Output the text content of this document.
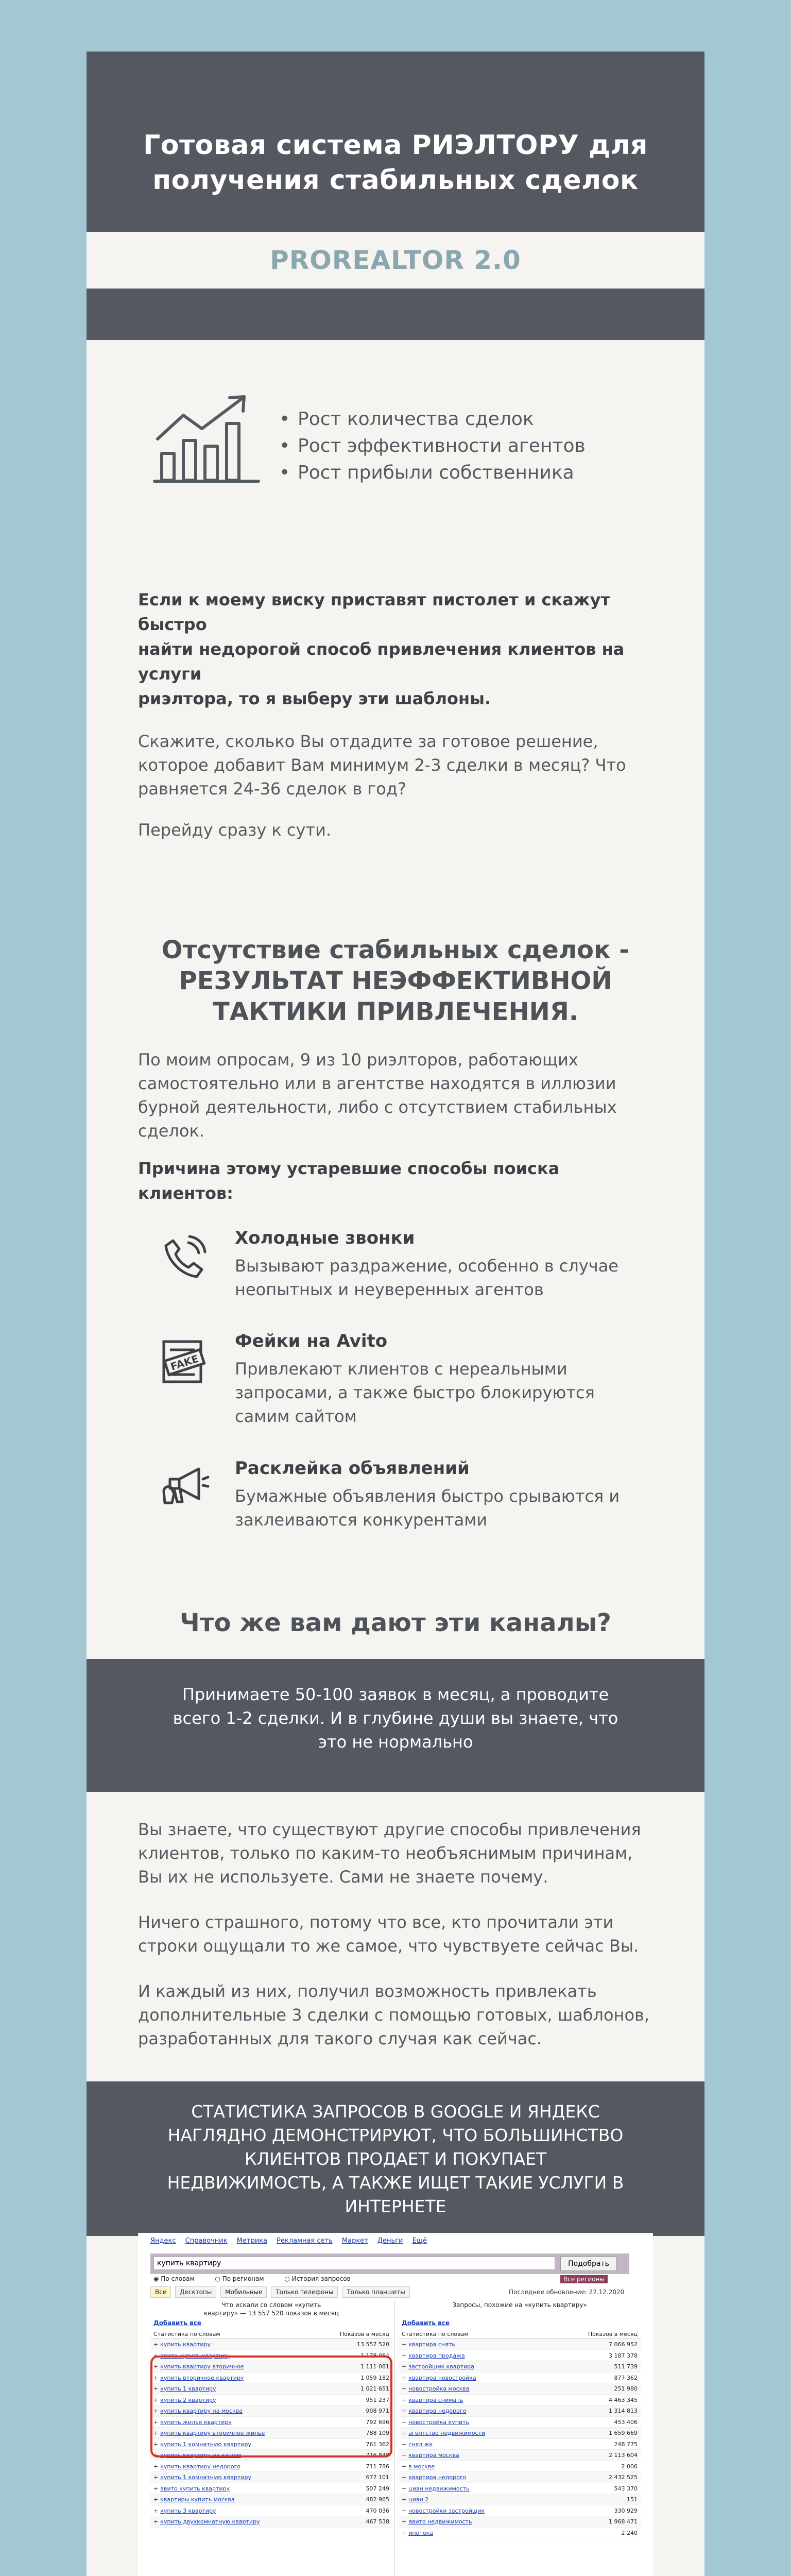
Готовая система РИЭЛТОРУ для
получения стабильных сделок
PROREALTOR 2.0
• Рост количества сделок
• Рост эффективности агентов
• Рост прибыли собственника

Если к моему виску приставят пистолет и скажут быстро
найти недорогой способ привлечения клиентов на услуги
риэлтора, то я выберу эти шаблоны.

Скажите, сколько Вы отдадите за готовое решение,
которое добавит Вам минимум 2-3 сделки в месяц? Что
равняется 24-36 сделок в год?

Перейду сразу к сути.

Отсутствие стабильных сделок -
РЕЗУЛЬТАТ НЕЭФФЕКТИВНОЙ
ТАКТИКИ ПРИВЛЕЧЕНИЯ.

По моим опросам, 9 из 10 риэлторов, работающих
самостоятельно или в агентстве находятся в иллюзии
бурной деятельности, либо с отсутствием стабильных
сделок.

Причина этому устаревшие способы поиска клиентов:

Холодные звонки
Вызывают раздражение, особенно в случае
неопытных и неуверенных агентов
FAKE
Фейки на Avito
Привлекают клиентов с нереальными
запросами, а также быстро блокируются
самим сайтом
Расклейка объявлений
Бумажные объявления быстро срываются и
заклеиваются конкурентами
Что же вам дают эти каналы?
Принимаете 50-100 заявок в месяц, а проводите
всего 1-2 сделки. И в глубине души вы знаете, что
это не нормально

Вы знаете, что существуют другие способы привлечения
клиентов, только по каким-то необъяснимым причинам,
Вы их не используете. Сами не знаете почему.

Ничего страшного, потому что все, кто прочитали эти
строки ощущали то же самое, что чувствуете сейчас Вы.

И каждый из них, получил возможность привлекать
дополнительные 3 сделки с помощью готовых, шаблонов,
разработанных для такого случая как сейчас.

СТАТИСТИКА ЗАПРОСОВ В GOOGLE И ЯНДЕКС
НАГЛЯДНО ДЕМОНСТРИРУЮТ, ЧТО БОЛЬШИНСТВО
КЛИЕНТОВ ПРОДАЕТ И ПОКУПАЕТ
НЕДВИЖИМОСТЬ, А ТАКЖЕ ИЩЕТ ТАКИЕ УСЛУГИ В
ИНТЕРНЕТЕ
Яндекс Справочник Метрика Рекламная сеть Маркет Деньги Ещё
купить квартиру	Подобрать
◉ По словам	○ По регионам	○ История запросов	Все регионы
Все Десктопы Мобильные Только телефоны Только планшеты	Последнее обновление: 22.12.2020
Что искали со словом «купить
квартиру» — 13 557 520 показов в месяц
Добавить все
Статистика по словам	Показов в месяц
+ купить квартиру	13 557 520
+ авито купить квартиру	1 178 054
+ купить квартиру вторичное	1 111 081
+ купить вторичное квартиру	1 059 182
+ купить 1 квартиру	1 021 651
+ купить 2 квартиру	951 237
+ купить квартиру на москва	908 971
+ купить жилье квартиру	792 696
+ купить квартиру вторичное жилье	788 109
+ купить 1 комнатную квартиру	761 362
+ купить квартиру на вашем	716 848
+ купить квартиру недорого	711 786
+ купить 1 комнатную квартиру	677 101
+ авито купить квартиру	507 249
+ квартиры купить москва	482 965
+ купить 3 квартиру	470 036
+ купить двухкомнатную квартиру	467 538
Запросы, похожие на «купить квартиру»
Добавить все
Статистика по словам	Показов в месяц
+ квартира снять	7 066 952
+ квартира продажа	3 187 378
+ застройщик квартира	511 739
+ квартира новостройка	877 362
+ новостройка москва	251 980
+ квартира снимать	4 463 345
+ квартира недорого	1 314 813
+ новостройка купить	453 406
+ агентство недвижимости	1 659 669
+ снял жк	248 775
+ квартира москва	2 113 604
+ в москве	2 006
+ квартира недорого	2 432 525
+ циан недвижимость	543 370
+ циан 2	151
+ новостройки застройщик	330 929
+ авито недвижимость	1 968 471
+ ипотека	2 240
